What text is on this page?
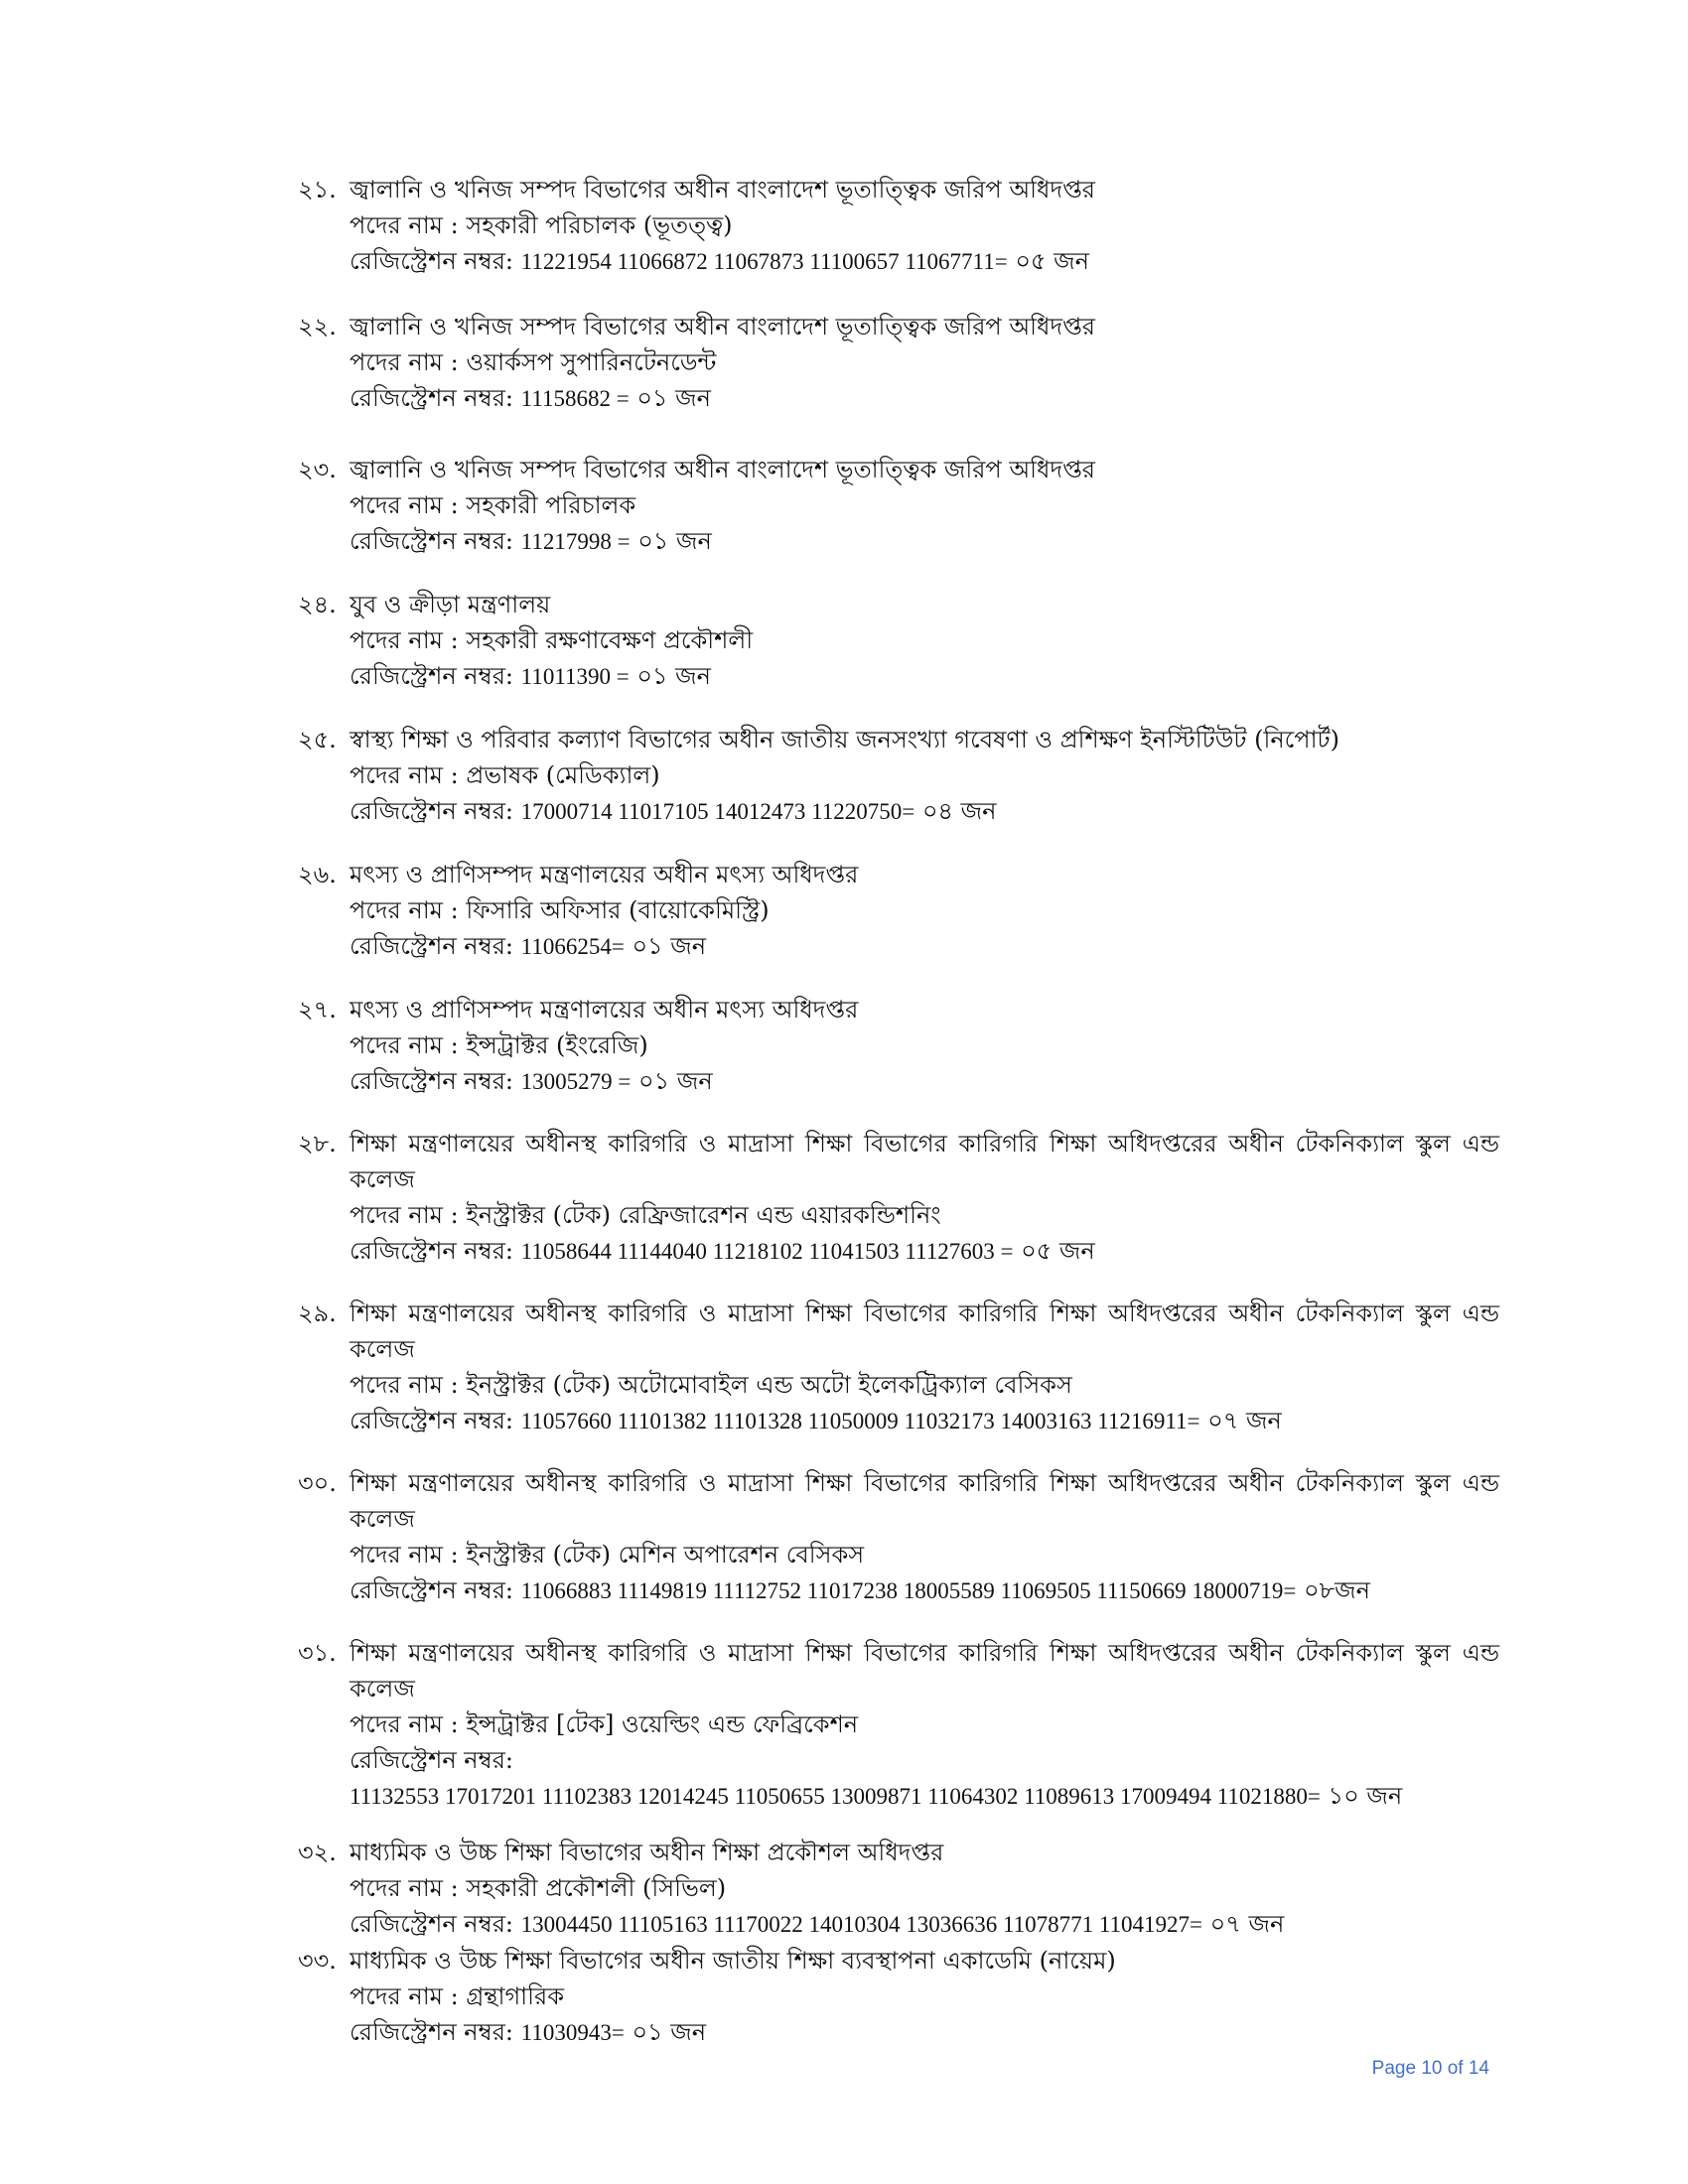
২১. জ্বালানি ও খনিজ সম্পদ বিভাগের অধীন বাংলাদেশ ভূতাত্ত্বিক জরিপ অধিদপ্তর
পদের নাম : সহকারী পরিচালক (ভূতত্ত্ব)
রেজিস্ট্রেশন নম্বর: 11221954 11066872 11067873 11100657 11067711= ০৫ জন
২২. জ্বালানি ও খনিজ সম্পদ বিভাগের অধীন বাংলাদেশ ভূতাত্ত্বিক জরিপ অধিদপ্তর
পদের নাম : ওয়ার্কসপ সুপারিনটেনডেন্ট
রেজিস্ট্রেশন নম্বর: 11158682 = ০১ জন
২৩. জ্বালানি ও খনিজ সম্পদ বিভাগের অধীন বাংলাদেশ ভূতাত্ত্বিক জরিপ অধিদপ্তর
পদের নাম : সহকারী পরিচালক
রেজিস্ট্রেশন নম্বর: 11217998 = ০১ জন
২৪. যুব ও ক্রীড়া মন্ত্রণালয়
পদের নাম : সহকারী রক্ষণাবেক্ষণ প্রকৌশলী
রেজিস্ট্রেশন নম্বর: 11011390 = ০১ জন
২৫. স্বাস্থ্য শিক্ষা ও পরিবার কল্যাণ বিভাগের অধীন জাতীয় জনসংখ্যা গবেষণা ও প্রশিক্ষণ ইনস্টিটিউট (নিপোর্ট)
পদের নাম : প্রভাষক (মেডিক্যাল)
রেজিস্ট্রেশন নম্বর: 17000714 11017105 14012473 11220750= ০৪ জন
২৬. মৎস্য ও প্রাণিসম্পদ মন্ত্রণালয়ের অধীন মৎস্য অধিদপ্তর
পদের নাম : ফিসারি অফিসার (বায়োকেমিস্ট্রি)
রেজিস্ট্রেশন নম্বর: 11066254= ০১ জন
২৭. মৎস্য ও প্রাণিসম্পদ মন্ত্রণালয়ের অধীন মৎস্য অধিদপ্তর
পদের নাম : ইন্সট্রাক্টর (ইংরেজি)
রেজিস্ট্রেশন নম্বর: 13005279 = ০১ জন
২৮. শিক্ষা মন্ত্রণালয়ের অধীনস্থ কারিগরি ও মাদ্রাসা শিক্ষা বিভাগের কারিগরি শিক্ষা অধিদপ্তরের অধীন টেকনিক্যাল স্কুল এন্ড
কলেজ
পদের নাম : ইনস্ট্রাক্টর (টেক) রেফ্রিজারেশন এন্ড এয়ারকন্ডিশনিং
রেজিস্ট্রেশন নম্বর: 11058644 11144040 11218102 11041503 11127603 = ০৫ জন
২৯. শিক্ষা মন্ত্রণালয়ের অধীনস্থ কারিগরি ও মাদ্রাসা শিক্ষা বিভাগের কারিগরি শিক্ষা অধিদপ্তরের অধীন টেকনিক্যাল স্কুল এন্ড
কলেজ
পদের নাম : ইনস্ট্রাক্টর (টেক) অটোমোবাইল এন্ড অটো ইলেকট্রিক্যাল বেসিকস
রেজিস্ট্রেশন নম্বর: 11057660 11101382 11101328 11050009 11032173 14003163 11216911= ০৭ জন
৩০. শিক্ষা মন্ত্রণালয়ের অধীনস্থ কারিগরি ও মাদ্রাসা শিক্ষা বিভাগের কারিগরি শিক্ষা অধিদপ্তরের অধীন টেকনিক্যাল স্কুল এন্ড
কলেজ
পদের নাম : ইনস্ট্রাক্টর (টেক) মেশিন অপারেশন বেসিকস
রেজিস্ট্রেশন নম্বর: 11066883 11149819 11112752 11017238 18005589 11069505 11150669 18000719= ০৮জন
৩১. শিক্ষা মন্ত্রণালয়ের অধীনস্থ কারিগরি ও মাদ্রাসা শিক্ষা বিভাগের কারিগরি শিক্ষা অধিদপ্তরের অধীন টেকনিক্যাল স্কুল এন্ড
কলেজ
পদের নাম : ইন্সট্রাক্টর [টেক] ওয়েল্ডিং এন্ড ফেব্রিকেশন
রেজিস্ট্রেশন নম্বর:
11132553 17017201 11102383 12014245 11050655 13009871 11064302 11089613 17009494 11021880= ১০ জন
৩২. মাধ্যমিক ও উচ্চ শিক্ষা বিভাগের অধীন শিক্ষা প্রকৌশল অধিদপ্তর
পদের নাম : সহকারী প্রকৌশলী (সিভিল)
রেজিস্ট্রেশন নম্বর: 13004450 11105163 11170022 14010304 13036636 11078771 11041927= ০৭ জন
৩৩. মাধ্যমিক ও উচ্চ শিক্ষা বিভাগের অধীন জাতীয় শিক্ষা ব্যবস্থাপনা একাডেমি (নায়েম)
পদের নাম : গ্রন্থাগারিক
রেজিস্ট্রেশন নম্বর: 11030943= ০১ জন
Page 10 of 14
